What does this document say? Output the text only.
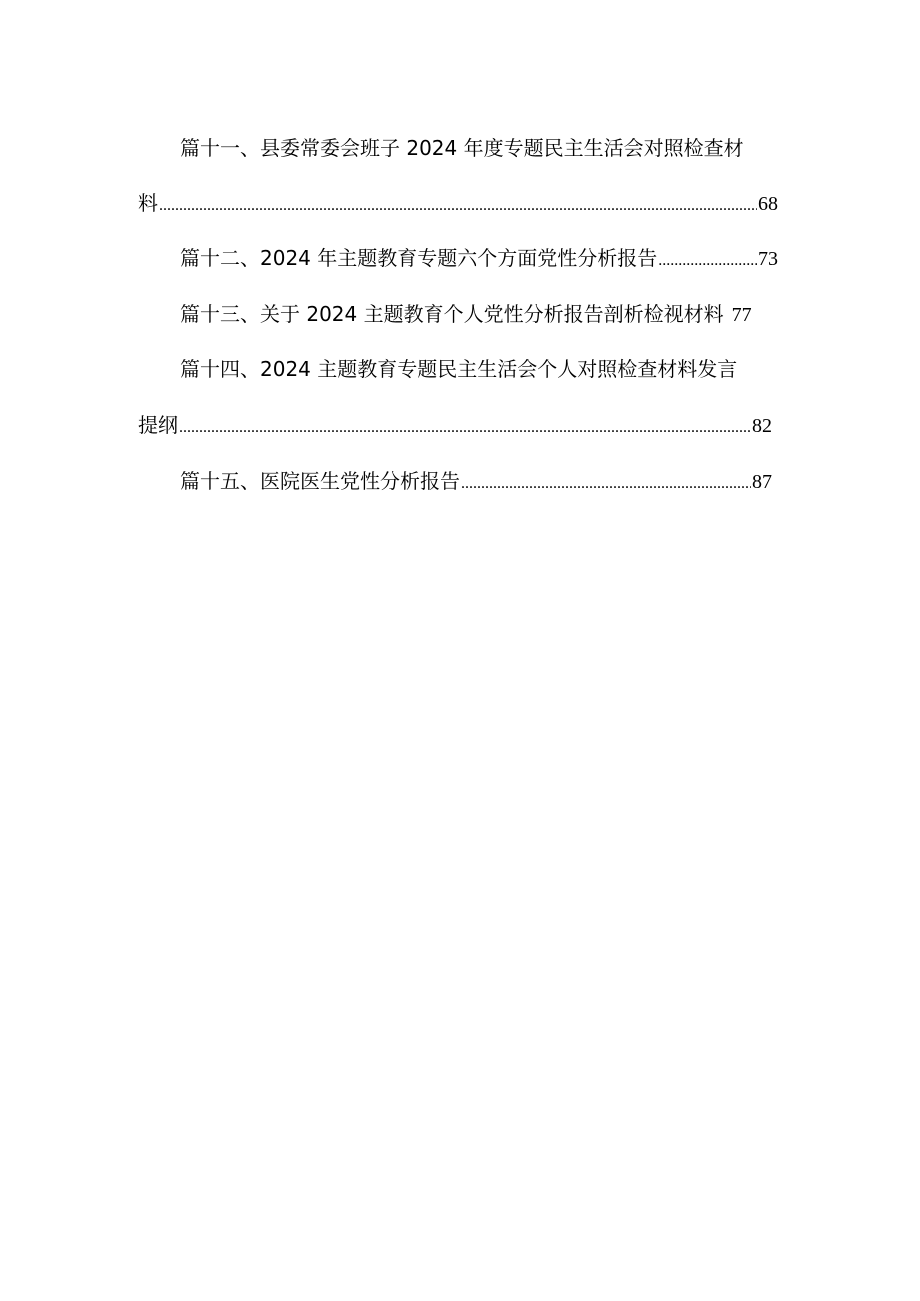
篇十一、县委常委会班子 2024 年度专题民主生活会对照检查材
料 .....	68
篇十二、2024 年主题教育专题六个方面党性分析报告 .....	73
篇十三、关于 2024 主题教育个人党性分析报告剖析检视材料 77
篇十四、2024 主题教育专题民主生活会个人对照检查材料发言
提纲 .....	82
篇十五、医院医生党性分析报告 .....	87
